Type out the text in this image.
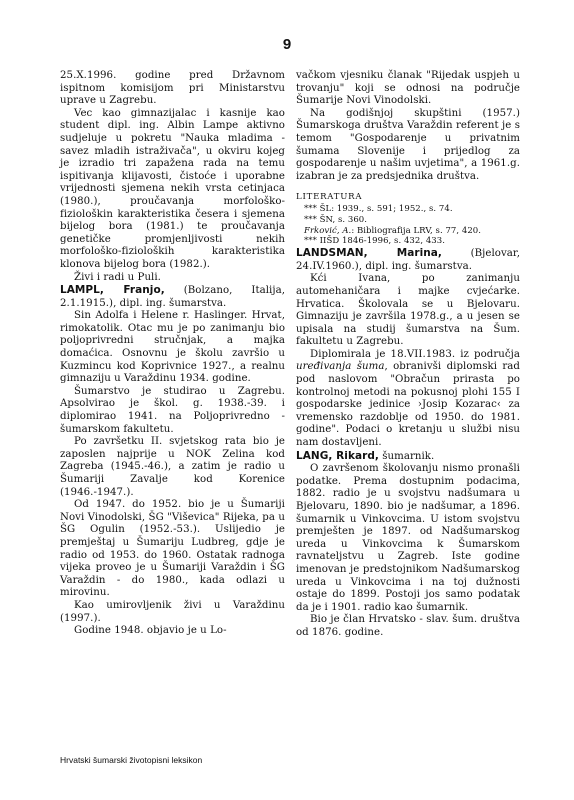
9

25.X.1996. godine pred Državnom ispitnom komisijom pri Ministarstvu uprave u Zagrebu.

Vec kao gimnazijalac i kasnije kao student dipl. ing. Albin Lampe aktivno sudjeluje u pokretu "Nauka mladima - savez mladih istraživača", u okviru kojeg je izradio tri zapažena rada na temu ispitivanja klijavosti, čistoće i uporabne vrijednosti sjemena nekih vrsta cetinjaca (1980.), proučavanja morfološko-fiziološkin karakteristika česera i sjemena bijelog bora (1981.) te proučavanja genetičke promjenljivosti nekih morfološko-fizioloških karakteristika klonova bijelog bora (1982.).

Živi i radi u Puli.

LAMPL, Franjo, (Bolzano, Italija, 2.1.1915.), dipl. ing. šumarstva.

Sin Adolfa i Helene r. Haslinger. Hrvat, rimokatolik. Otac mu je po zanimanju bio poljoprivredni stručnjak, a majka domaćica. Osnovnu je školu završio u Kuzmincu kod Koprivnice 1927., a realnu gimnaziju u Varaždinu 1934. godine.

Šumarstvo je studirao u Zagrebu. Apsolvirao je škol. g. 1938.-39. i diplomirao 1941. na Poljoprivredno - šumarskom fakultetu.

Po završetku II. svjetskog rata bio je zaposlen najprije u NOK Zelina kod Zagreba (1945.-46.), a zatim je radio u Šumariji Zavalje kod Korenice (1946.-1947.).

Od 1947. do 1952. bio je u Šumariji Novi Vinodolski, ŠG "Viševica" Rijeka, pa u ŠG Ogulin (1952.-53.). Uslijedio je premještaj u Šumariju Ludbreg, gdje je radio od 1953. do 1960. Ostatak radnoga vijeka proveo je u Šumariji Varaždin i ŠG Varaždin - do 1980., kada odlazi u mirovinu.

Kao umirovljenik živi u Varaždinu (1997.).

Godine 1948. objavio je u Lo-

vačkom vjesniku članak "Rijedak uspjeh u trovanju" koji se odnosi na područje Šumarije Novi Vinodolski.

Na godišnjoj skupštini (1957.) Šumarskoga društva Varaždin referent je s temom "Gospodarenje u privatnim šumama Slovenije i prijedlog za gospodarenje u našim uvjetima", a 1961.g. izabran je za predsjednika društva.

LITERATURA
*** ŠL: 1939., s. 591; 1952., s. 74.
*** ŠN, s. 360.
Frković, A.: Bibliografija LRV, s. 77, 420.
*** IIŠD 1846-1996, s. 432, 433.

LANDSMAN, Marina, (Bjelovar, 24.IV.1960.), dipl. ing. šumarstva.

Kći Ivana, po zanimanju automehaničara i majke cvjećarke. Hrvatica. Školovala se u Bjelovaru. Gimnaziju je završila 1978.g., a u jesen se upisala na studij šumarstva na Šum. fakultetu u Zagrebu.

Diplomirala je 18.VII.1983. iz područja uređivanja šuma, obranivši diplomski rad pod naslovom "Obračun prirasta po kontrolnoj metodi na pokusnoj plohi 155 I gospodarske jedinice ›Josip Kozarac‹ za vremensko razdoblje od 1950. do 1981. godine". Podaci o kretanju u službi nisu nam dostavljeni.

LANG, Rikard, šumarnik.

O završenom školovanju nismo pronašli podatke. Prema dostupnim podacima, 1882. radio je u svojstvu nadšumara u Bjelovaru, 1890. bio je nadšumar, a 1896. šumarnik u Vinkovcima. U istom svojstvu premješten je 1897. od Nadšumarskog ureda u Vinkovcima k Šumarskom ravnateljstvu u Zagreb. Iste godine imenovan je predstojnikom Nadšumarskog ureda u Vinkovcima i na toj dužnosti ostaje do 1899. Postoji jos samo podatak da je i 1901. radio kao šumarnik.

Bio je član Hrvatsko - slav. šum. društva od 1876. godine.

Hrvatski šumarski životopisni leksikon
